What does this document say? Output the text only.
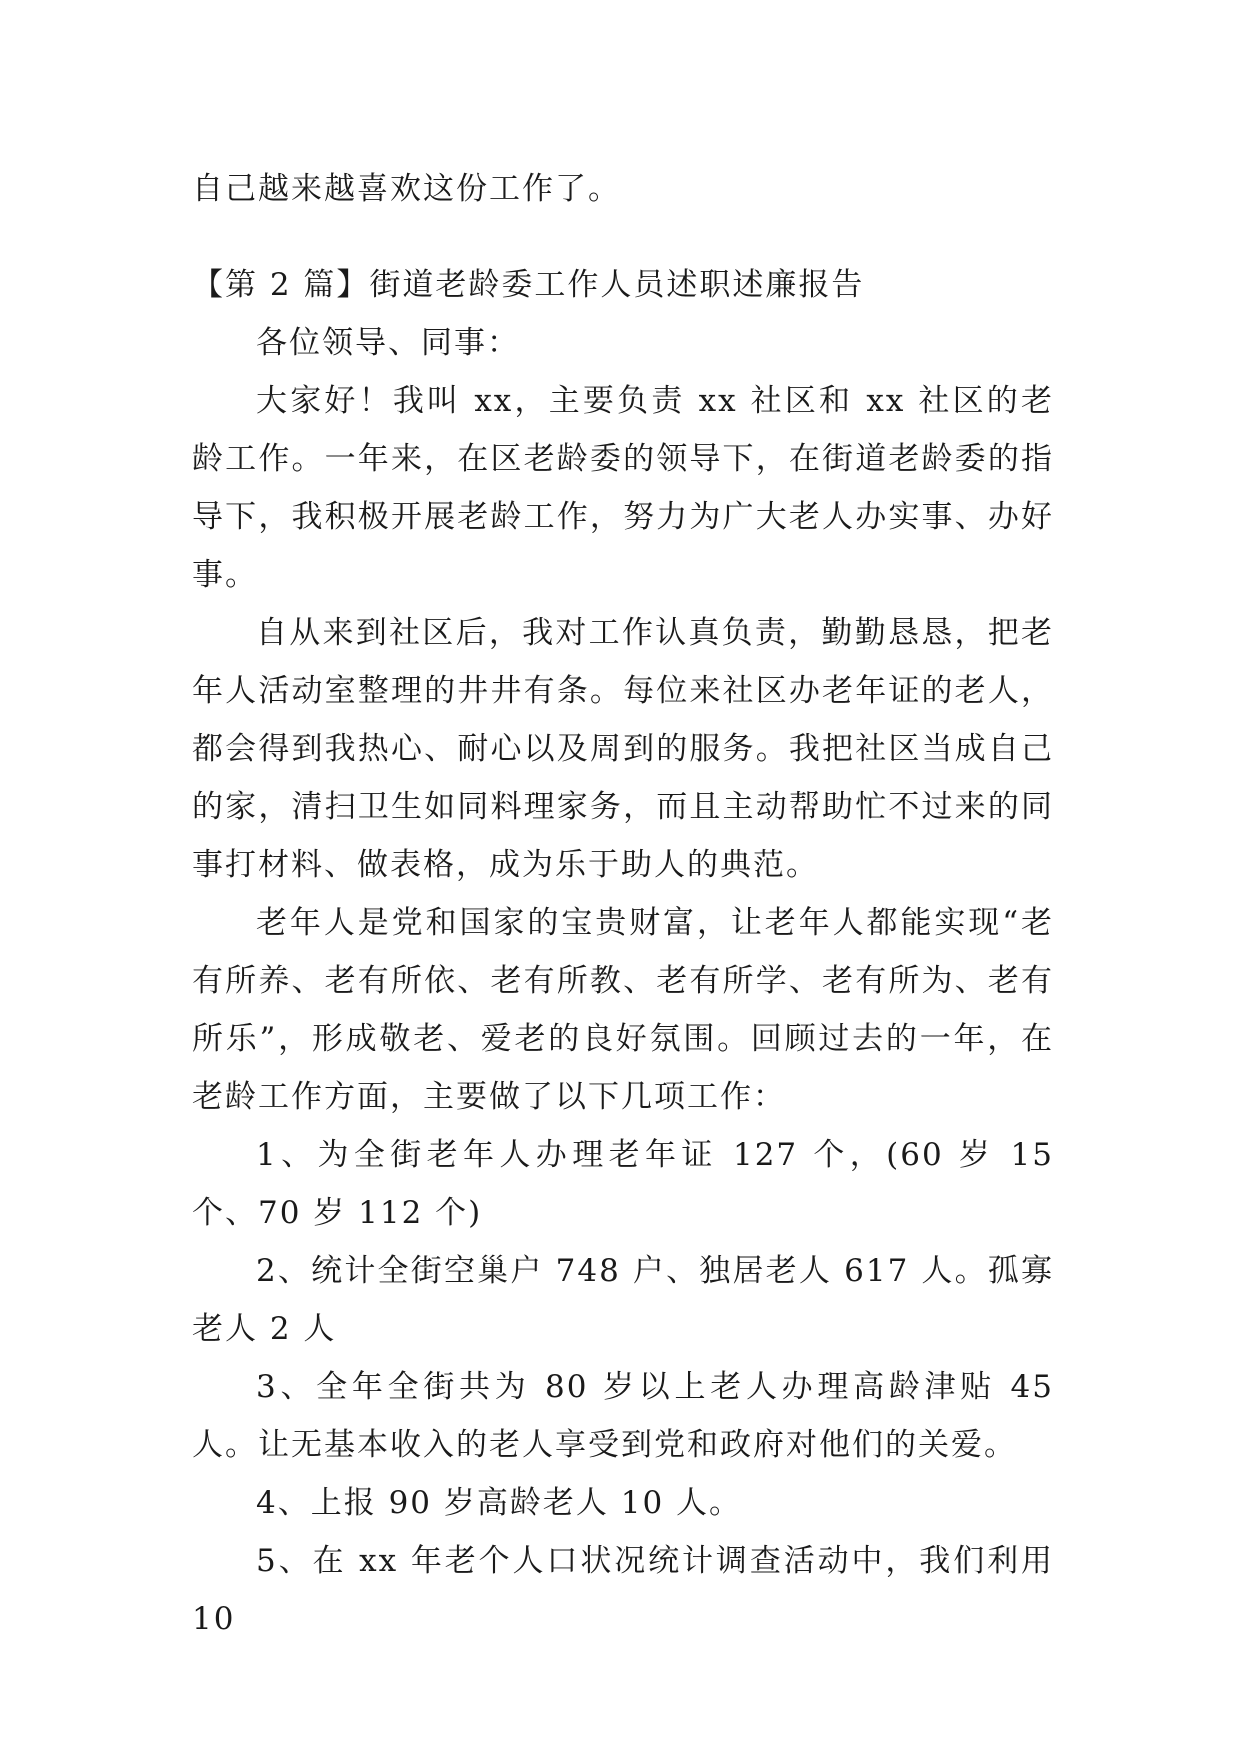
自己越来越喜欢这份工作了。

【第 2 篇】街道老龄委工作人员述职述廉报告

各位领导、同事：

大家好！我叫 xx，主要负责 xx 社区和 xx 社区的老龄工作。一年来，在区老龄委的领导下，在街道老龄委的指导下，我积极开展老龄工作，努力为广大老人办实事、办好事。

自从来到社区后，我对工作认真负责，勤勤恳恳，把老年人活动室整理的井井有条。每位来社区办老年证的老人，都会得到我热心、耐心以及周到的服务。我把社区当成自己的家，清扫卫生如同料理家务，而且主动帮助忙不过来的同事打材料、做表格，成为乐于助人的典范。

老年人是党和国家的宝贵财富，让老年人都能实现“老有所养、老有所依、老有所教、老有所学、老有所为、老有所乐”，形成敬老、爱老的良好氛围。回顾过去的一年，在老龄工作方面，主要做了以下几项工作：

1、为全街老年人办理老年证 127 个，(60 岁 15 个、70 岁 112 个)

2、统计全街空巢户 748 户、独居老人 617 人。孤寡老人 2 人

3、全年全街共为 80 岁以上老人办理高龄津贴 45 人。让无基本收入的老人享受到党和政府对他们的关爱。

4、上报 90 岁高龄老人 10 人。

5、在 xx 年老个人口状况统计调查活动中，我们利用 10
